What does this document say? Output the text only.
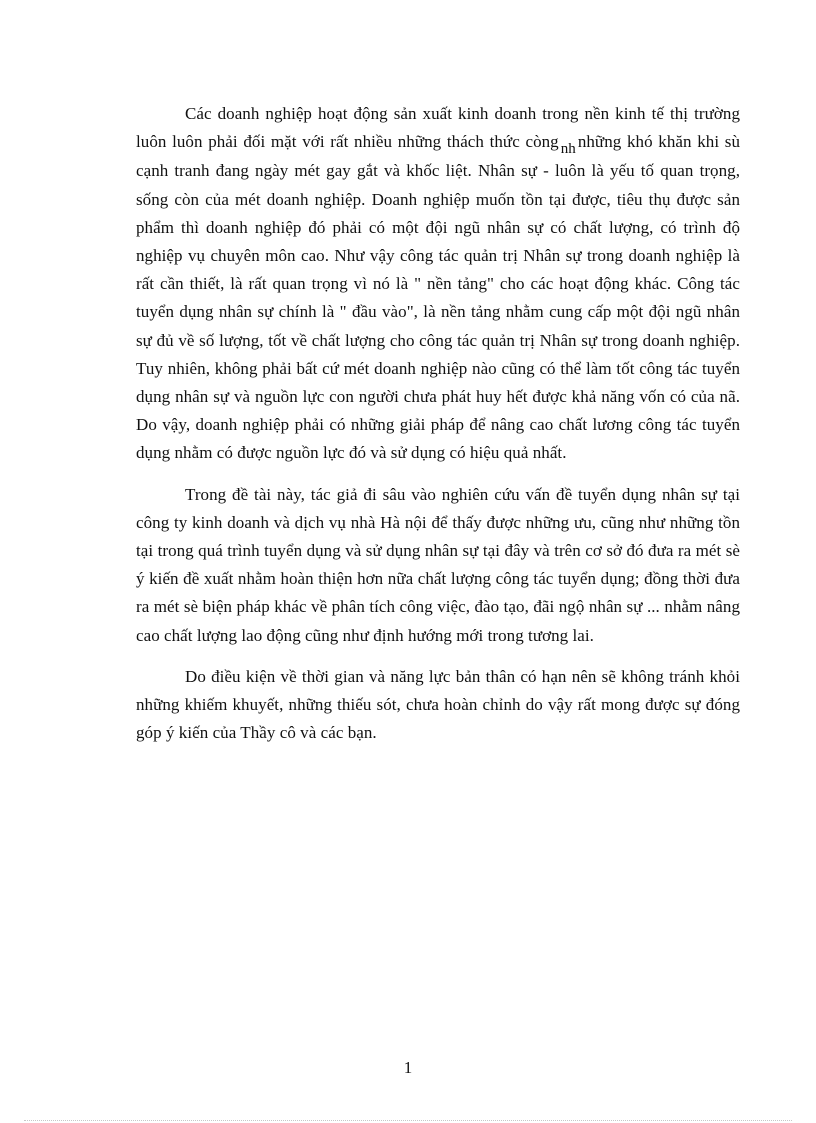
Các doanh nghiệp hoạt động sản xuất kinh doanh trong nền kinh tế thị trường luôn luôn phải đối mặt với rất nhiều những thách thức còng nh những khó khăn khi sù cạnh tranh đang ngày mét gay gắt và khốc liệt. Nhân sự - luôn là yếu tố quan trọng, sống còn của mét doanh nghiệp. Doanh nghiệp muốn tồn tại được, tiêu thụ được sản phẩm thì doanh nghiệp đó phải có một đội ngũ nhân sự có chất lượng, có trình độ nghiệp vụ chuyên môn cao. Như vậy công tác quản trị Nhân sự trong doanh nghiệp là rất cần thiết, là rất quan trọng vì nó là " nền tảng" cho các hoạt động khác. Công tác tuyển dụng nhân sự chính là " đầu vào", là nền tảng nhằm cung cấp một đội ngũ nhân sự đủ về số lượng, tốt về chất lượng cho công tác quản trị Nhân sự trong doanh nghiệp. Tuy nhiên, không phải bất cứ mét doanh nghiệp nào cũng có thể làm tốt công tác tuyển dụng nhân sự và nguồn lực con người chưa phát huy hết được khả năng vốn có của nã. Do vậy, doanh nghiệp phải có những giải pháp để nâng cao chất lương công tác tuyển dụng nhằm có được nguồn lực đó và sử dụng có hiệu quả nhất.

Trong đề tài này, tác giả đi sâu vào nghiên cứu vấn đề tuyển dụng nhân sự tại công ty kinh doanh và dịch vụ nhà Hà nội để thấy được những ưu, cũng như những tồn tại trong quá trình tuyển dụng và sử dụng nhân sự tại đây và trên cơ sở đó đưa ra mét sè ý kiến đề xuất nhằm hoàn thiện hơn nữa chất lượng công tác tuyển dụng; đồng thời đưa ra mét sè biện pháp khác về phân tích công việc, đào tạo, đãi ngộ nhân sự ... nhằm nâng cao chất lượng lao động cũng như định hướng mới trong tương lai.

Do điều kiện về thời gian và năng lực bản thân có hạn nên sẽ không tránh khỏi những khiếm khuyết, những thiếu sót, chưa hoàn chỉnh do vậy rất mong được sự đóng góp ý kiến của Thầy cô và các bạn.

1
